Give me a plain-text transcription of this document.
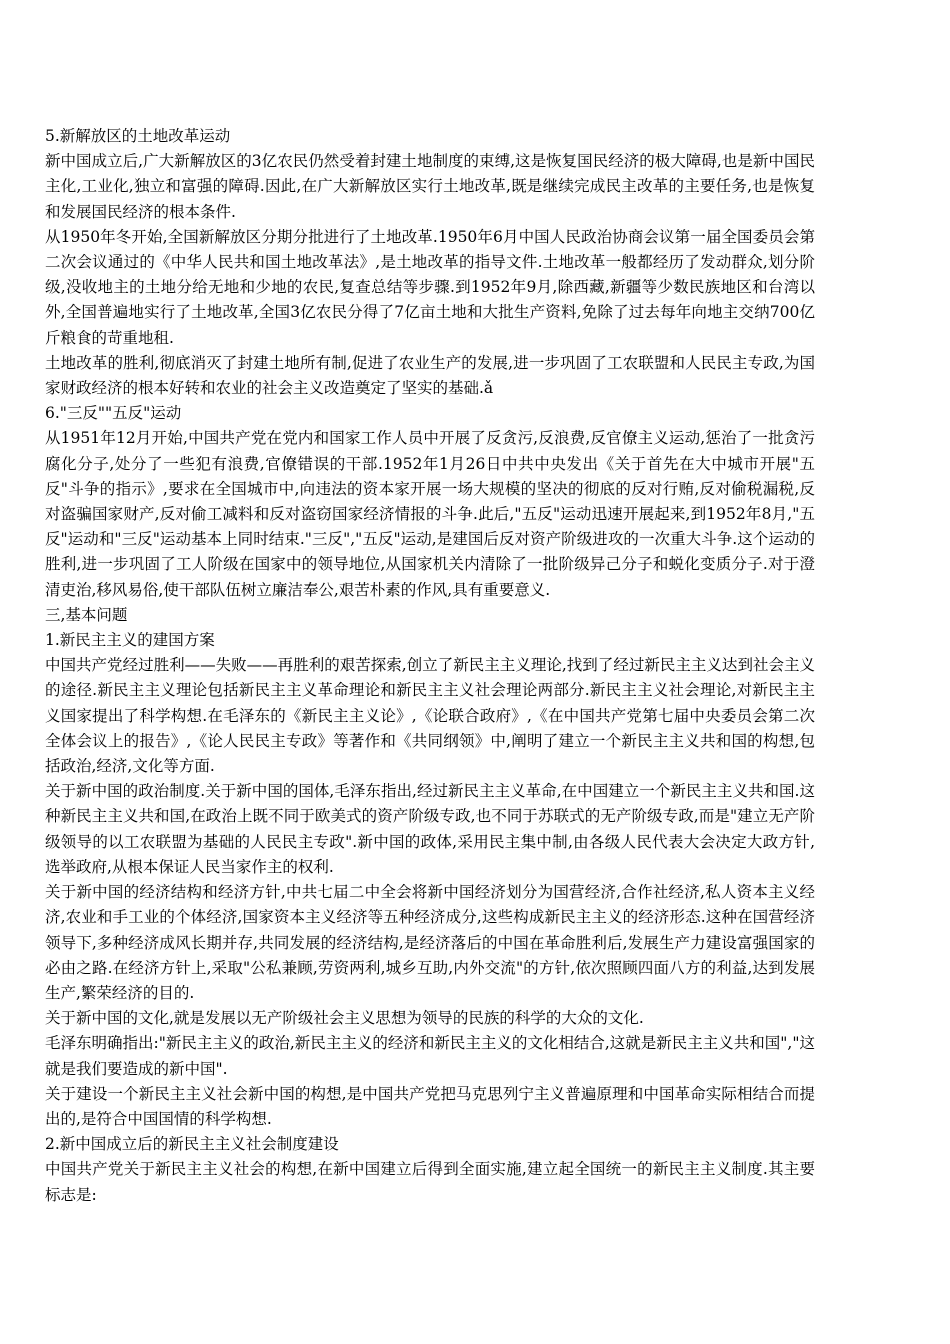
5.新解放区的土地改革运动

新中国成立后,广大新解放区的3亿农民仍然受着封建土地制度的束缚,这是恢复国民经济的极大障碍,也是新中国民主化,工业化,独立和富强的障碍.因此,在广大新解放区实行土地改革,既是继续完成民主改革的主要任务,也是恢复和发展国民经济的根本条件.

从1950年冬开始,全国新解放区分期分批进行了土地改革.1950年6月中国人民政治协商会议第一届全国委员会第二次会议通过的《中华人民共和国土地改革法》,是土地改革的指导文件.土地改革一般都经历了发动群众,划分阶级,没收地主的土地分给无地和少地的农民,复查总结等步骤.到1952年9月,除西藏,新疆等少数民族地区和台湾以外,全国普遍地实行了土地改革,全国3亿农民分得了7亿亩土地和大批生产资料,免除了过去每年向地主交纳700亿斤粮食的苛重地租.

土地改革的胜利,彻底消灭了封建土地所有制,促进了农业生产的发展,进一步巩固了工农联盟和人民民主专政,为国家财政经济的根本好转和农业的社会主义改造奠定了坚实的基础.ǎ

6."三反""五反"运动

从1951年12月开始,中国共产党在党内和国家工作人员中开展了反贪污,反浪费,反官僚主义运动,惩治了一批贪污腐化分子,处分了一些犯有浪费,官僚错误的干部.1952年1月26日中共中央发出《关于首先在大中城市开展"五反"斗争的指示》,要求在全国城市中,向违法的资本家开展一场大规模的坚决的彻底的反对行贿,反对偷税漏税,反对盗骗国家财产,反对偷工减料和反对盗窃国家经济情报的斗争.此后,"五反"运动迅速开展起来,到1952年8月,"五反"运动和"三反"运动基本上同时结束."三反","五反"运动,是建国后反对资产阶级进攻的一次重大斗争.这个运动的胜利,进一步巩固了工人阶级在国家中的领导地位,从国家机关内清除了一批阶级异己分子和蜕化变质分子.对于澄清吏治,移风易俗,使干部队伍树立廉洁奉公,艰苦朴素的作风,具有重要意义.

三,基本问题

1.新民主主义的建国方案

中国共产党经过胜利——失败——再胜利的艰苦探索,创立了新民主主义理论,找到了经过新民主主义达到社会主义的途径.新民主主义理论包括新民主主义革命理论和新民主主义社会理论两部分.新民主主义社会理论,对新民主主义国家提出了科学构想.在毛泽东的《新民主主义论》,《论联合政府》,《在中国共产党第七届中央委员会第二次全体会议上的报告》,《论人民民主专政》等著作和《共同纲领》中,阐明了建立一个新民主主义共和国的构想,包括政治,经济,文化等方面.

关于新中国的政治制度.关于新中国的国体,毛泽东指出,经过新民主主义革命,在中国建立一个新民主主义共和国.这种新民主主义共和国,在政治上既不同于欧美式的资产阶级专政,也不同于苏联式的无产阶级专政,而是"建立无产阶级领导的以工农联盟为基础的人民民主专政".新中国的政体,采用民主集中制,由各级人民代表大会决定大政方针,选举政府,从根本保证人民当家作主的权利.

关于新中国的经济结构和经济方针,中共七届二中全会将新中国经济划分为国营经济,合作社经济,私人资本主义经济,农业和手工业的个体经济,国家资本主义经济等五种经济成分,这些构成新民主主义的经济形态.这种在国营经济领导下,多种经济成风长期并存,共同发展的经济结构,是经济落后的中国在革命胜利后,发展生产力建设富强国家的必由之路.在经济方针上,采取"公私兼顾,劳资两利,城乡互助,内外交流"的方针,依次照顾四面八方的利益,达到发展生产,繁荣经济的目的.

关于新中国的文化,就是发展以无产阶级社会主义思想为领导的民族的科学的大众的文化.

毛泽东明确指出:"新民主主义的政治,新民主主义的经济和新民主主义的文化相结合,这就是新民主主义共和国","这就是我们要造成的新中国".

关于建设一个新民主主义社会新中国的构想,是中国共产党把马克思列宁主义普遍原理和中国革命实际相结合而提出的,是符合中国国情的科学构想.

2.新中国成立后的新民主主义社会制度建设

中国共产党关于新民主主义社会的构想,在新中国建立后得到全面实施,建立起全国统一的新民主主义制度.其主要标志是:
